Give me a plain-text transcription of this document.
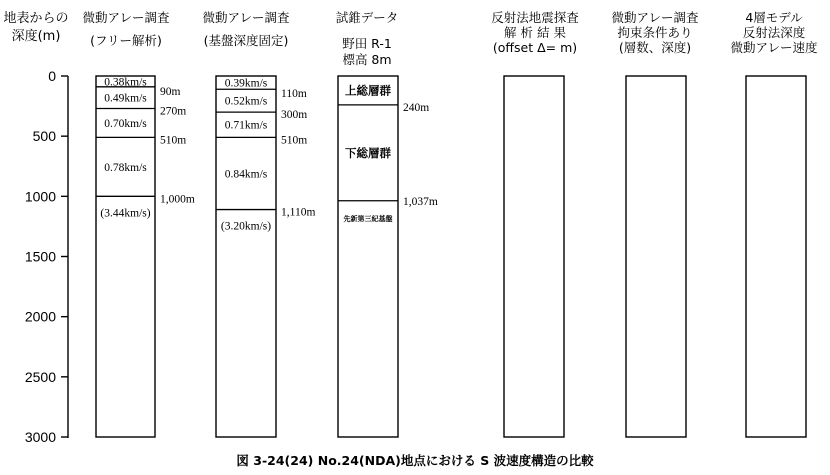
地表からの
深度(m)
0
500
1000
1500
2000
2500
3000
微動アレー調査
(フリー解析)
微動アレー調査
(基盤深度固定)
試錐データ
野田 R-1
標高 8m
反射法地震探査
解 析 結 果
(offset Δ= m)
微動アレー調査
拘束条件あり
(層数、深度)
4層モデル
反射法深度
微動アレー速度
0.38km/s
90m
0.49km/s
270m
0.70km/s
510m
0.78km/s
1,000m
(3.44km/s)
0.39km/s
110m
0.52km/s
300m
0.71km/s
510m
0.84km/s
1,110m
(3.20km/s)
上総層群
240m
下総層群
1,037m
先新第三紀基盤
図 3-24(24) No.24(NDA)地点における S 波速度構造の比較
